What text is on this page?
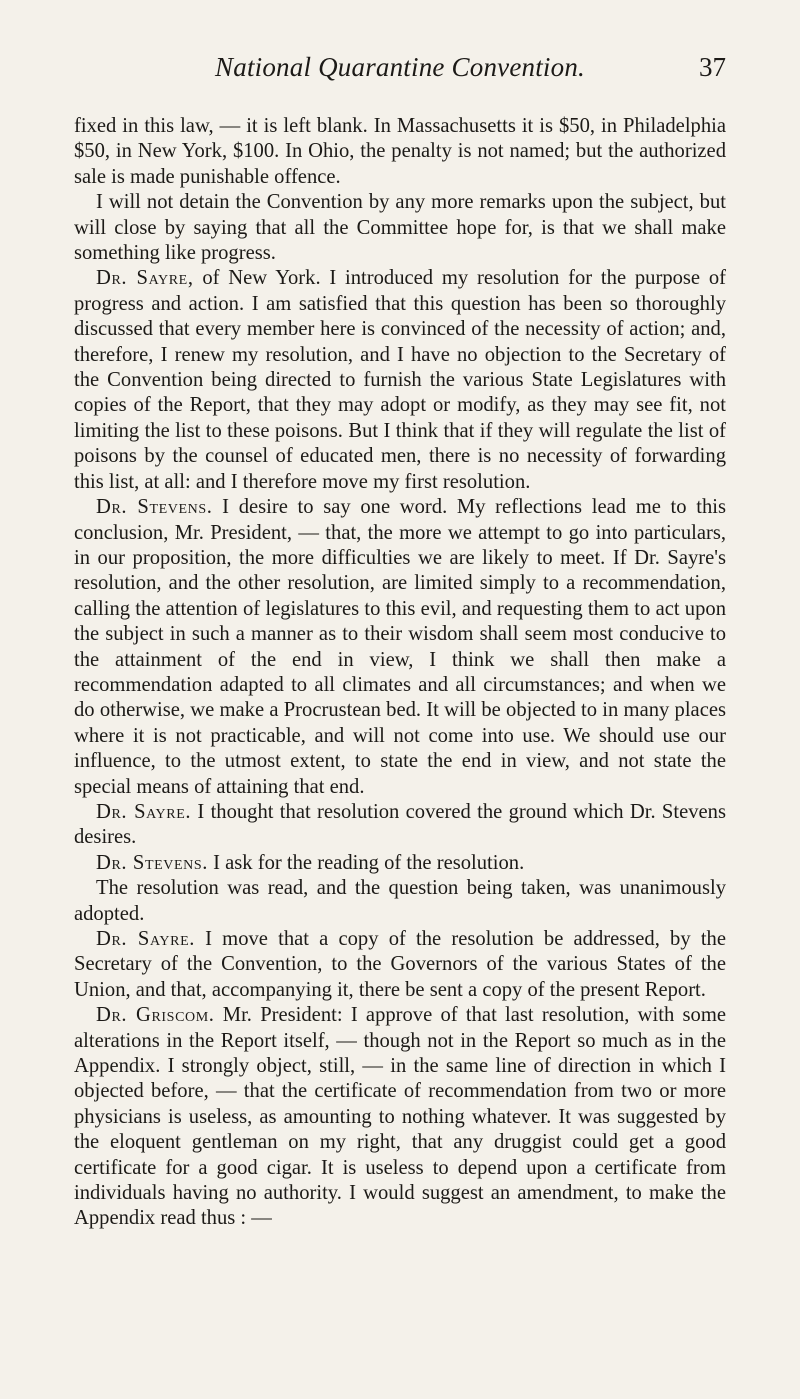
National Quarantine Convention.	37

fixed in this law, — it is left blank. In Massachusetts it is $50, in Philadelphia $50, in New York, $100. In Ohio, the penalty is not named; but the authorized sale is made punishable offence.

I will not detain the Convention by any more remarks upon the subject, but will close by saying that all the Committee hope for, is that we shall make something like progress.

Dr. Sayre, of New York. I introduced my resolution for the purpose of progress and action. I am satisfied that this question has been so thoroughly discussed that every member here is convinced of the necessity of action; and, therefore, I renew my resolution, and I have no objection to the Secretary of the Convention being directed to furnish the various State Legislatures with copies of the Report, that they may adopt or modify, as they may see fit, not limiting the list to these poisons. But I think that if they will regulate the list of poisons by the counsel of educated men, there is no necessity of forwarding this list, at all: and I therefore move my first resolution.

Dr. Stevens. I desire to say one word. My reflections lead me to this conclusion, Mr. President, — that, the more we attempt to go into particulars, in our proposition, the more difficulties we are likely to meet. If Dr. Sayre's resolution, and the other resolution, are limited simply to a recommendation, calling the attention of legislatures to this evil, and requesting them to act upon the subject in such a manner as to their wisdom shall seem most conducive to the attainment of the end in view, I think we shall then make a recommendation adapted to all climates and all circumstances; and when we do otherwise, we make a Procrustean bed. It will be objected to in many places where it is not practicable, and will not come into use. We should use our influence, to the utmost extent, to state the end in view, and not state the special means of attaining that end.

Dr. Sayre. I thought that resolution covered the ground which Dr. Stevens desires.

Dr. Stevens. I ask for the reading of the resolution.

The resolution was read, and the question being taken, was unanimously adopted.

Dr. Sayre. I move that a copy of the resolution be addressed, by the Secretary of the Convention, to the Governors of the various States of the Union, and that, accompanying it, there be sent a copy of the present Report.

Dr. Griscom. Mr. President: I approve of that last resolution, with some alterations in the Report itself, — though not in the Report so much as in the Appendix. I strongly object, still, — in the same line of direction in which I objected before, — that the certificate of recommendation from two or more physicians is useless, as amounting to nothing whatever. It was suggested by the eloquent gentleman on my right, that any druggist could get a good certificate for a good cigar. It is useless to depend upon a certificate from individuals having no authority. I would suggest an amendment, to make the Appendix read thus : —
